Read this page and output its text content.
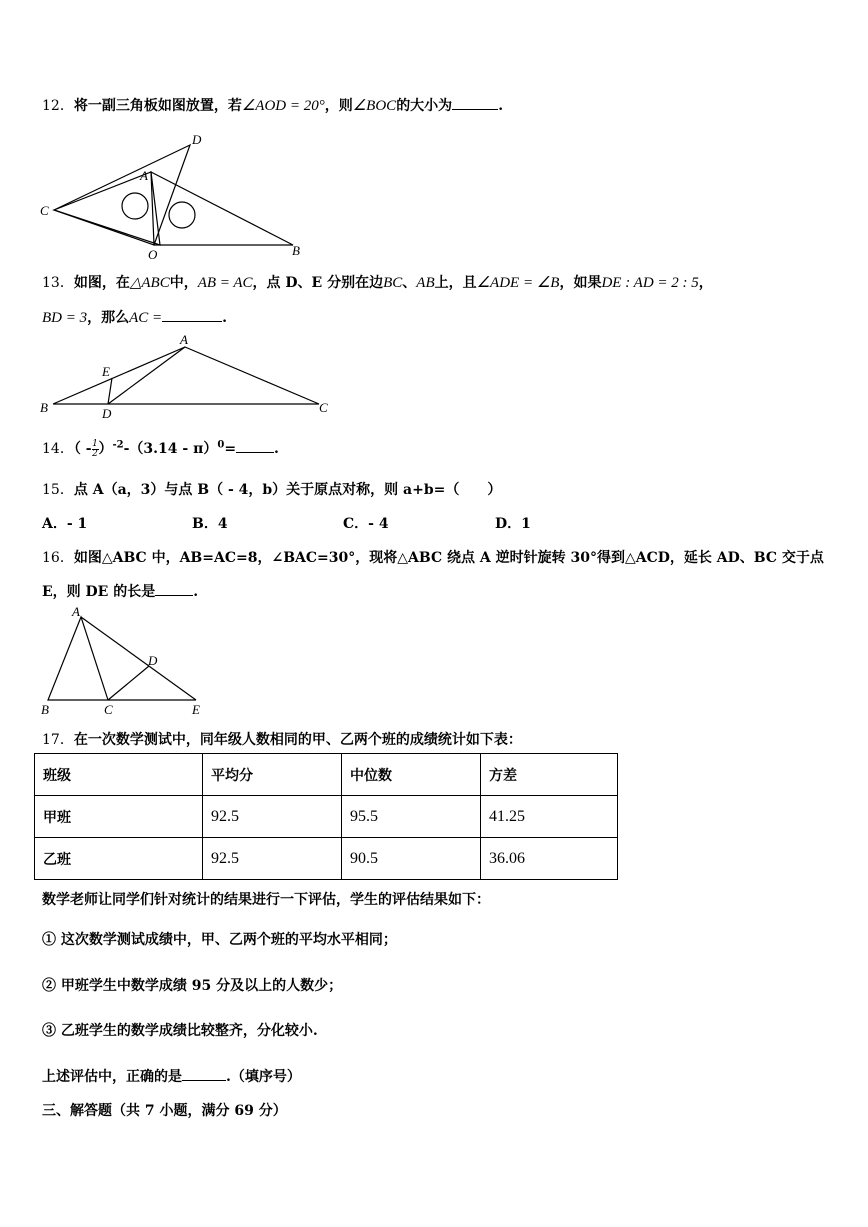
12．将一副三角板如图放置，若∠AOD = 20°，则∠BOC的大小为	.
D
A
C
O	B
13．如图，在△ABC中，AB = AC，点 D、E 分别在边BC、AB上，且∠ADE = ∠B，如果DE : AD = 2 : 5，
BD = 3，那么AC =	.
A
E
B	D	C
14．（ - $\frac{1}{2} )^{-2}-(3.14 - \pi)^0=$	.
15．点 A（a，3）与点 B（ - 4，b）关于原点对称，则 a+b=（　　）
A．- 1	B．4	C．- 4	D．1
16．如图△ABC 中，AB=AC=8，∠BAC=30°，现将△ABC 绕点 A 逆时针旋转 30°得到△ACD，延长 AD、BC 交于点
E，则 DE 的长是	.
A
D
B	C	E
17．在一次数学测试中，同年级人数相同的甲、乙两个班的成绩统计如下表：
班级	平均分	中位数	方差
甲班	92.5	95.5	41.25
乙班	92.5	90.5	36.06
数学老师让同学们针对统计的结果进行一下评估，学生的评估结果如下：
① 这次数学测试成绩中，甲、乙两个班的平均水平相同；
② 甲班学生中数学成绩 95 分及以上的人数少；
③ 乙班学生的数学成绩比较整齐，分化较小.
上述评估中，正确的是	.（填序号）
三、解答题（共 7 小题，满分 69 分）
